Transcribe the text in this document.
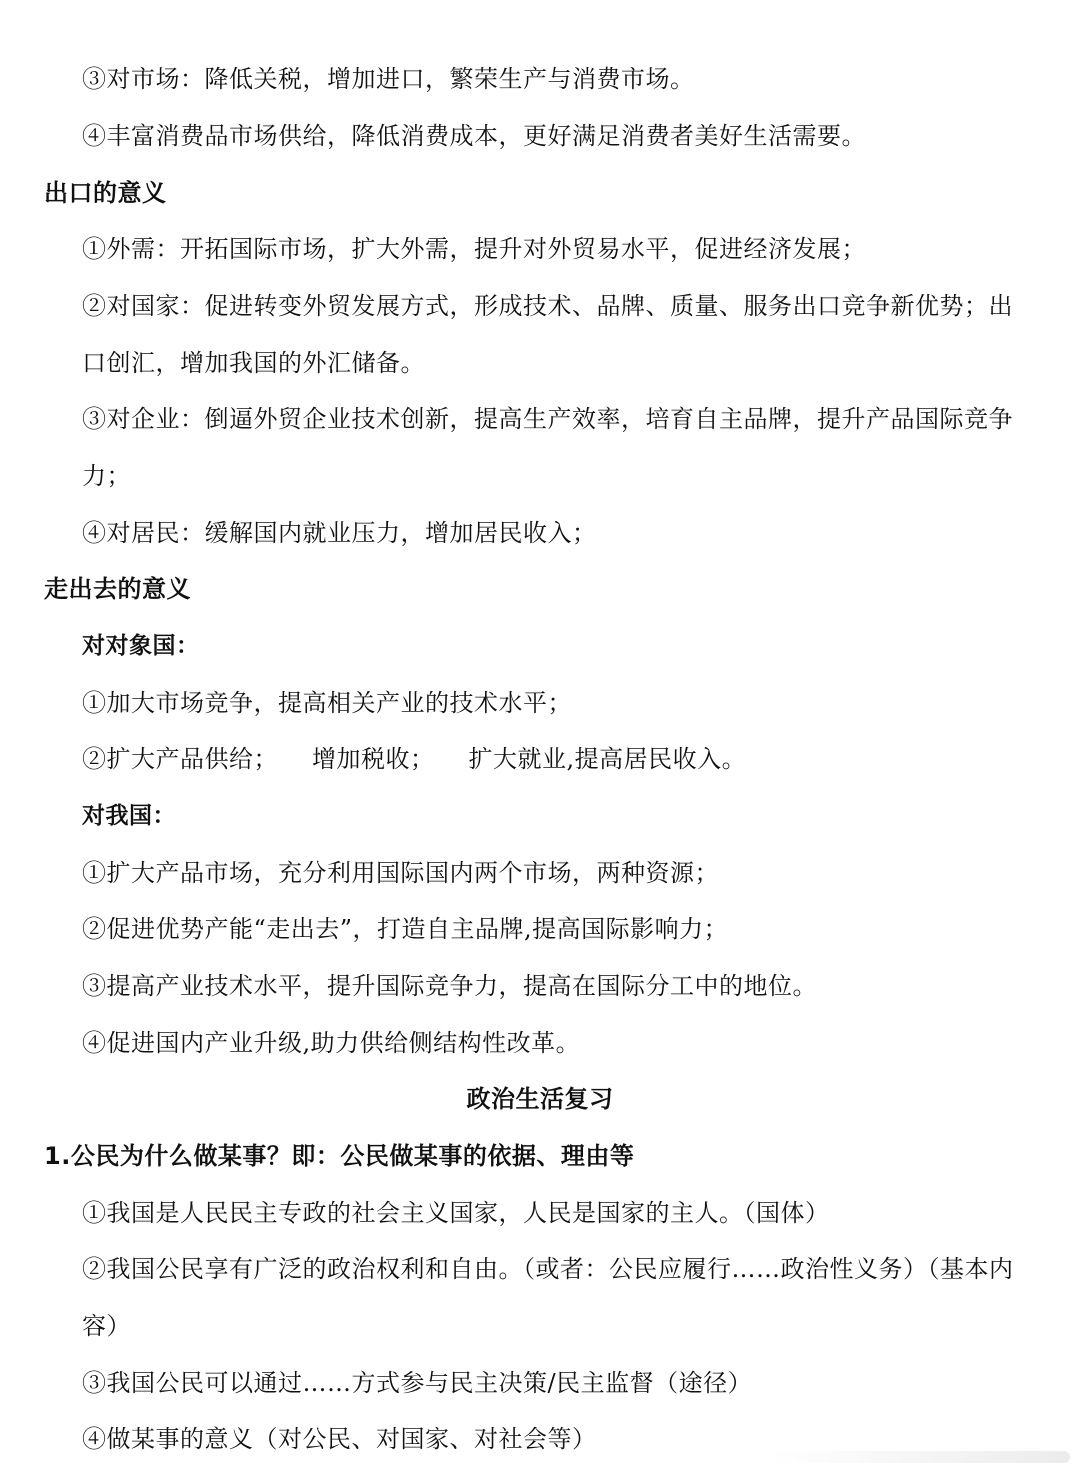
③对市场：降低关税，增加进口，繁荣生产与消费市场。
④丰富消费品市场供给，降低消费成本，更好满足消费者美好生活需要。
出口的意义
①外需：开拓国际市场，扩大外需，提升对外贸易水平，促进经济发展；
②对国家：促进转变外贸发展方式，形成技术、品牌、质量、服务出口竞争新优势；出
口创汇，增加我国的外汇储备。
③对企业：倒逼外贸企业技术创新，提高生产效率，培育自主品牌，提升产品国际竞争
力；
④对居民：缓解国内就业压力，增加居民收入；
走出去的意义
对对象国：
①加大市场竞争，提高相关产业的技术水平；
②扩大产品供给； 增加税收； 扩大就业,提高居民收入。
对我国：
①扩大产品市场，充分利用国际国内两个市场，两种资源；
②促进优势产能“走出去”，打造自主品牌,提高国际影响力；
③提高产业技术水平，提升国际竞争力，提高在国际分工中的地位。
④促进国内产业升级,助力供给侧结构性改革。
政治生活复习
1.公民为什么做某事？即：公民做某事的依据、理由等
①我国是人民民主专政的社会主义国家，人民是国家的主人。（国体）
②我国公民享有广泛的政治权利和自由。（或者：公民应履行……政治性义务）（基本内
容）
③我国公民可以通过……方式参与民主决策/民主监督（途径）
④做某事的意义（对公民、对国家、对社会等）
